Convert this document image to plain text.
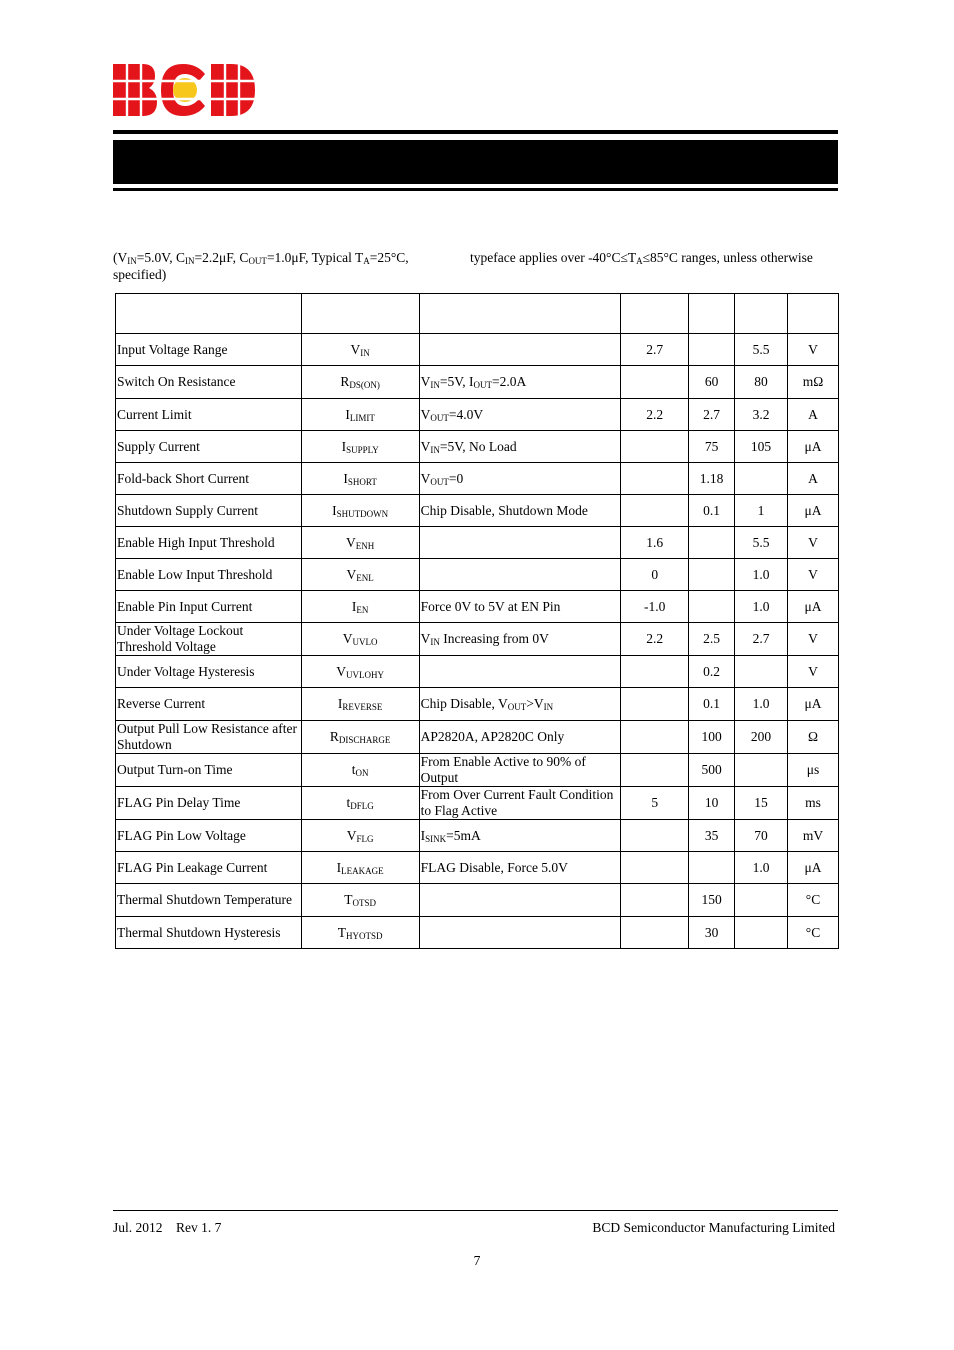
($V_{IN}=5.0V$, $C_{IN}=2.2\mu F$, $C_{OUT}=1.0\mu F$, Typical $T_A=25^\circ C$,	typeface applies over $-40^\circ C\le T_A\le 85^\circ C$ ranges, unless otherwise
specified)

Input Voltage Range	$V_{IN}$		2.7		5.5	V
Switch On Resistance	$R_{DS(ON)}$	$V_{IN}=5V$, $I_{OUT}=2.0A$		60	80	mΩ
Current Limit	$I_{LIMIT}$	$V_{OUT}=4.0V$	2.2	2.7	3.2	A
Supply Current	$I_{SUPPLY}$	$V_{IN}=5V$, No Load		75	105	μA
Fold-back Short Current	$I_{SHORT}$	$V_{OUT}=0$		1.18		A
Shutdown Supply Current	$I_{SHUTDOWN}$	Chip Disable, Shutdown Mode		0.1	1	μA
Enable High Input Threshold	$V_{ENH}$		1.6		5.5	V
Enable Low Input Threshold	$V_{ENL}$		0		1.0	V
Enable Pin Input Current	$I_{EN}$	Force 0V to 5V at EN Pin	-1.0		1.0	μA
Under Voltage Lockout Threshold Voltage	$V_{UVLO}$	$V_{IN}$ Increasing from 0V	2.2	2.5	2.7	V
Under Voltage Hysteresis	$V_{UVLOHY}$			0.2		V
Reverse Current	$I_{REVERSE}$	Chip Disable, $V_{OUT}>V_{IN}$		0.1	1.0	μA
Output Pull Low Resistance after Shutdown	$R_{DISCHARGE}$	AP2820A, AP2820C Only		100	200	Ω
Output Turn-on Time	$t_{ON}$	From Enable Active to 90% of Output		500		μs
FLAG Pin Delay Time	$t_{DFLG}$	From Over Current Fault Condition to Flag Active	5	10	15	ms
FLAG Pin Low Voltage	$V_{FLG}$	$I_{SINK}=5mA$		35	70	mV
FLAG Pin Leakage Current	$I_{LEAKAGE}$	FLAG Disable, Force 5.0V			1.0	μA
Thermal Shutdown Temperature	$T_{OTSD}$			150		°C
Thermal Shutdown Hysteresis	$T_{HYOTSD}$			30		°C
Jul. 2012    Rev 1. 7	BCD Semiconductor Manufacturing Limited
7
